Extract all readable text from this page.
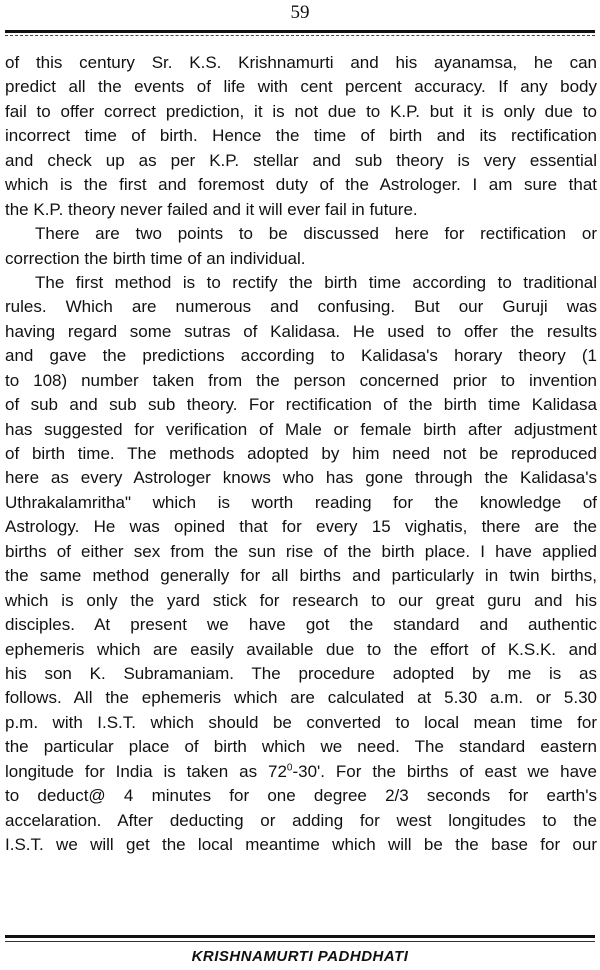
59
of this century Sr. K.S. Krishnamurti and his ayanamsa, he can
predict all the events of life with cent percent accuracy. If any body
fail to offer correct prediction, it is not due to K.P. but it is only due to
incorrect time of birth. Hence the time of birth and its rectification
and check up as per K.P. stellar and sub theory is very essential
which is the first and foremost duty of the Astrologer. I am sure that
the K.P. theory never failed and it will ever fail in future.
There are two points to be discussed here for rectification or
correction the birth time of an individual.
The first method is to rectify the birth time according to traditional
rules. Which are numerous and confusing. But our Guruji was
having regard some sutras of Kalidasa. He used to offer the results
and gave the predictions according to Kalidasa's horary theory (1
to 108) number taken from the person concerned prior to invention
of sub and sub sub theory. For rectification of the birth time Kalidasa
has suggested for verification of Male or female birth after adjustment
of birth time. The methods adopted by him need not be reproduced
here as every Astrologer knows who has gone through the Kalidasa's
Uthrakalamritha" which is worth reading for the knowledge of
Astrology. He was opined that for every 15 vighatis, there are the
births of either sex from the sun rise of the birth place. I have applied
the same method generally for all births and particularly in twin births,
which is only the yard stick for research to our great guru and his
disciples. At present we have got the standard and authentic
ephemeris which are easily available due to the effort of K.S.K. and
his son K. Subramaniam. The procedure adopted by me is as
follows. All the ephemeris which are calculated at 5.30 a.m. or 5.30
p.m. with I.S.T. which should be converted to local mean time for
the particular place of birth which we need. The standard eastern
longitude for India is taken as $72^0-30'$. For the births of east we have
to deduct@ 4 minutes for one degree 2/3 seconds for earth's
accelaration. After deducting or adding for west longitudes to the
I.S.T. we will get the local meantime which will be the base for our
KRISHNAMURTI PADHDHATI
